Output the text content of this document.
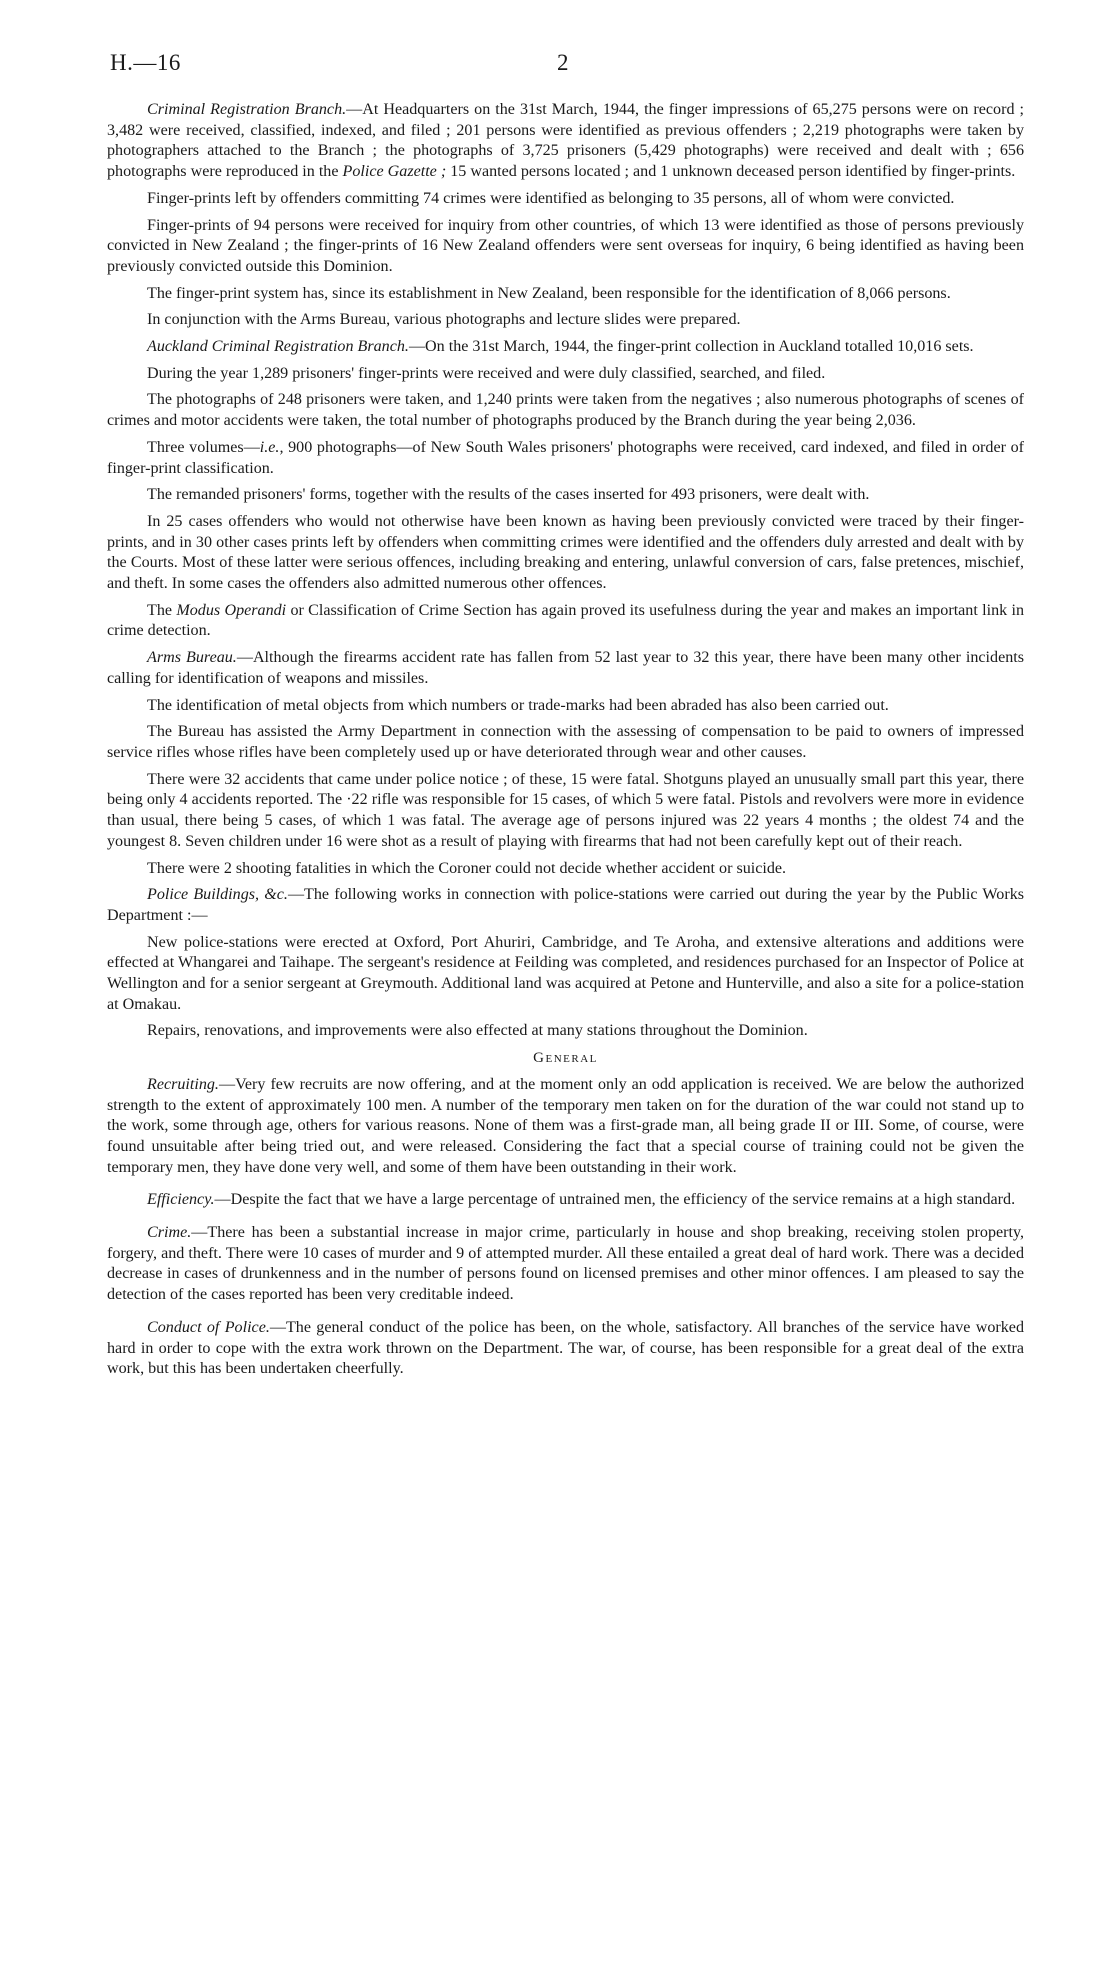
H.—16	2

Criminal Registration Branch.—At Headquarters on the 31st March, 1944, the finger impressions of 65,275 persons were on record ; 3,482 were received, classified, indexed, and filed ; 201 persons were identified as previous offenders ; 2,219 photographs were taken by photographers attached to the Branch ; the photographs of 3,725 prisoners (5,429 photographs) were received and dealt with ; 656 photographs were reproduced in the Police Gazette ; 15 wanted persons located ; and 1 unknown deceased person identified by finger-prints.

Finger-prints left by offenders committing 74 crimes were identified as belonging to 35 persons, all of whom were convicted.

Finger-prints of 94 persons were received for inquiry from other countries, of which 13 were identified as those of persons previously convicted in New Zealand ; the finger-prints of 16 New Zealand offenders were sent overseas for inquiry, 6 being identified as having been previously convicted outside this Dominion.

The finger-print system has, since its establishment in New Zealand, been responsible for the identification of 8,066 persons.

In conjunction with the Arms Bureau, various photographs and lecture slides were prepared.

Auckland Criminal Registration Branch.—On the 31st March, 1944, the finger-print collection in Auckland totalled 10,016 sets.

During the year 1,289 prisoners' finger-prints were received and were duly classified, searched, and filed.

The photographs of 248 prisoners were taken, and 1,240 prints were taken from the negatives ; also numerous photographs of scenes of crimes and motor accidents were taken, the total number of photographs produced by the Branch during the year being 2,036.

Three volumes—i.e., 900 photographs—of New South Wales prisoners' photographs were received, card indexed, and filed in order of finger-print classification.

The remanded prisoners' forms, together with the results of the cases inserted for 493 prisoners, were dealt with.

In 25 cases offenders who would not otherwise have been known as having been previously convicted were traced by their finger-prints, and in 30 other cases prints left by offenders when committing crimes were identified and the offenders duly arrested and dealt with by the Courts. Most of these latter were serious offences, including breaking and entering, unlawful conversion of cars, false pretences, mischief, and theft. In some cases the offenders also admitted numerous other offences.

The Modus Operandi or Classification of Crime Section has again proved its usefulness during the year and makes an important link in crime detection.

Arms Bureau.—Although the firearms accident rate has fallen from 52 last year to 32 this year, there have been many other incidents calling for identification of weapons and missiles.

The identification of metal objects from which numbers or trade-marks had been abraded has also been carried out.

The Bureau has assisted the Army Department in connection with the assessing of compensation to be paid to owners of impressed service rifles whose rifles have been completely used up or have deteriorated through wear and other causes.

There were 32 accidents that came under police notice ; of these, 15 were fatal. Shotguns played an unusually small part this year, there being only 4 accidents reported. The ·22 rifle was responsible for 15 cases, of which 5 were fatal. Pistols and revolvers were more in evidence than usual, there being 5 cases, of which 1 was fatal. The average age of persons injured was 22 years 4 months ; the oldest 74 and the youngest 8. Seven children under 16 were shot as a result of playing with firearms that had not been carefully kept out of their reach.

There were 2 shooting fatalities in which the Coroner could not decide whether accident or suicide.

Police Buildings, &c.—The following works in connection with police-stations were carried out during the year by the Public Works Department :—

New police-stations were erected at Oxford, Port Ahuriri, Cambridge, and Te Aroha, and extensive alterations and additions were effected at Whangarei and Taihape. The sergeant's residence at Feilding was completed, and residences purchased for an Inspector of Police at Wellington and for a senior sergeant at Greymouth. Additional land was acquired at Petone and Hunterville, and also a site for a police-station at Omakau.

Repairs, renovations, and improvements were also effected at many stations throughout the Dominion.

General

Recruiting.—Very few recruits are now offering, and at the moment only an odd application is received. We are below the authorized strength to the extent of approximately 100 men. A number of the temporary men taken on for the duration of the war could not stand up to the work, some through age, others for various reasons. None of them was a first-grade man, all being grade II or III. Some, of course, were found unsuitable after being tried out, and were released. Considering the fact that a special course of training could not be given the temporary men, they have done very well, and some of them have been outstanding in their work.

Efficiency.—Despite the fact that we have a large percentage of untrained men, the efficiency of the service remains at a high standard.

Crime.—There has been a substantial increase in major crime, particularly in house and shop breaking, receiving stolen property, forgery, and theft. There were 10 cases of murder and 9 of attempted murder. All these entailed a great deal of hard work. There was a decided decrease in cases of drunkenness and in the number of persons found on licensed premises and other minor offences. I am pleased to say the detection of the cases reported has been very creditable indeed.

Conduct of Police.—The general conduct of the police has been, on the whole, satisfactory. All branches of the service have worked hard in order to cope with the extra work thrown on the Department. The war, of course, has been responsible for a great deal of the extra work, but this has been undertaken cheerfully.
